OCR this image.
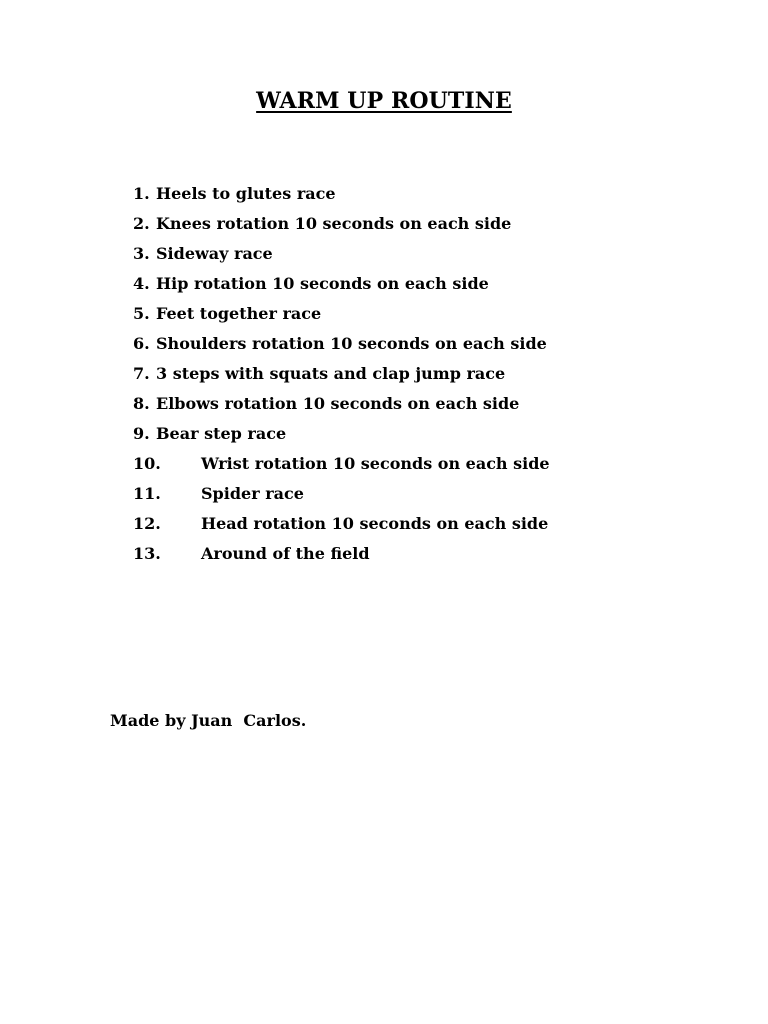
WARM UP ROUTINE
1. Heels to glutes race
2. Knees rotation 10 seconds on each side
3. Sideway race
4. Hip rotation 10 seconds on each side
5. Feet together race
6. Shoulders rotation 10 seconds on each side
7. 3 steps with squats and clap jump race
8. Elbows rotation 10 seconds on each side
9. Bear step race
10.	Wrist rotation 10 seconds on each side
11.	Spider race
12.	Head rotation 10 seconds on each side
13.	Around of the field
Made by Juan  Carlos.
